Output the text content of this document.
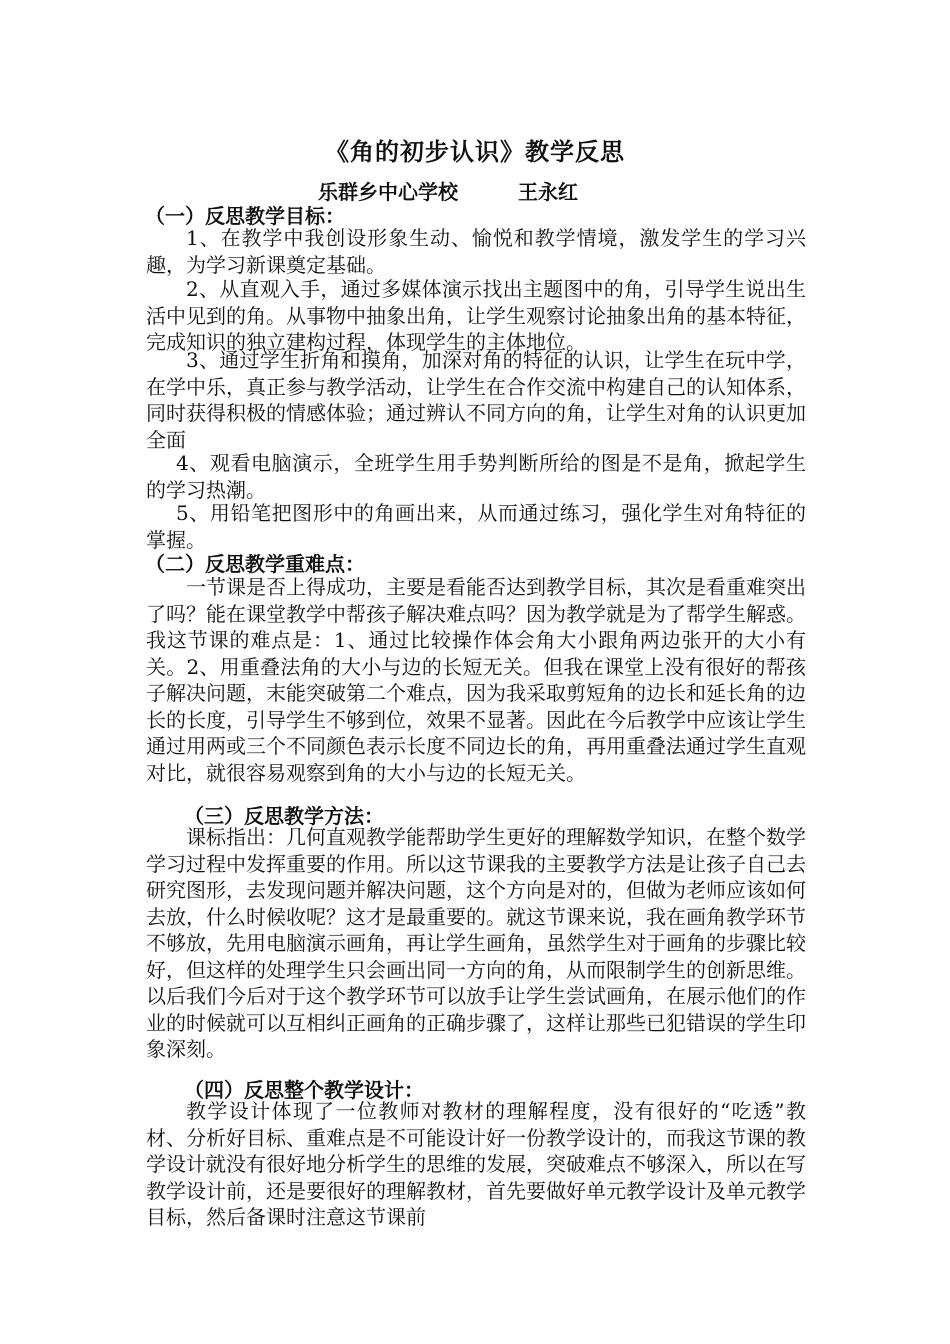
《角的初步认识》教学反思
乐群乡中心学校	王永红
（一）反思教学目标：
1、在教学中我创设形象生动、愉悦和教学情境，激发学生的学习兴趣，为学习新课奠定基础。
2、从直观入手，通过多媒体演示找出主题图中的角，引导学生说出生活中见到的角。从事物中抽象出角，让学生观察讨论抽象出角的基本特征，完成知识的独立建构过程，体现学生的主体地位。
3、通过学生折角和摸角，加深对角的特征的认识，让学生在玩中学，在学中乐，真正参与教学活动，让学生在合作交流中构建自己的认知体系，同时获得积极的情感体验；通过辨认不同方向的角，让学生对角的认识更加全面
4、观看电脑演示，全班学生用手势判断所给的图是不是角，掀起学生的学习热潮。
5、用铅笔把图形中的角画出来，从而通过练习，强化学生对角特征的掌握。
（二）反思教学重难点：
一节课是否上得成功，主要是看能否达到教学目标，其次是看重难突出了吗？能在课堂教学中帮孩子解决难点吗？因为教学就是为了帮学生解惑。我这节课的难点是：1、通过比较操作体会角大小跟角两边张开的大小有关。2、用重叠法角的大小与边的长短无关。但我在课堂上没有很好的帮孩子解决问题，末能突破第二个难点，因为我采取剪短角的边长和延长角的边长的长度，引导学生不够到位，效果不显著。因此在今后教学中应该让学生通过用两或三个不同颜色表示长度不同边长的角，再用重叠法通过学生直观对比，就很容易观察到角的大小与边的长短无关。
（三）反思教学方法：
课标指出：几何直观教学能帮助学生更好的理解数学知识，在整个数学学习过程中发挥重要的作用。所以这节课我的主要教学方法是让孩子自己去研究图形，去发现问题并解决问题，这个方向是对的，但做为老师应该如何去放，什么时候收呢？这才是最重要的。就这节课来说，我在画角教学环节不够放，先用电脑演示画角，再让学生画角，虽然学生对于画角的步骤比较好，但这样的处理学生只会画出同一方向的角，从而限制学生的创新思维。以后我们今后对于这个教学环节可以放手让学生尝试画角，在展示他们的作业的时候就可以互相纠正画角的正确步骤了，这样让那些已犯错误的学生印象深刻。
（四）反思整个教学设计：
教学设计体现了一位教师对教材的理解程度，没有很好的“吃透”教材、分析好目标、重难点是不可能设计好一份教学设计的，而我这节课的教学设计就没有很好地分析学生的思维的发展，突破难点不够深入，所以在写教学设计前，还是要很好的理解教材，首先要做好单元教学设计及单元教学目标，然后备课时注意这节课前
